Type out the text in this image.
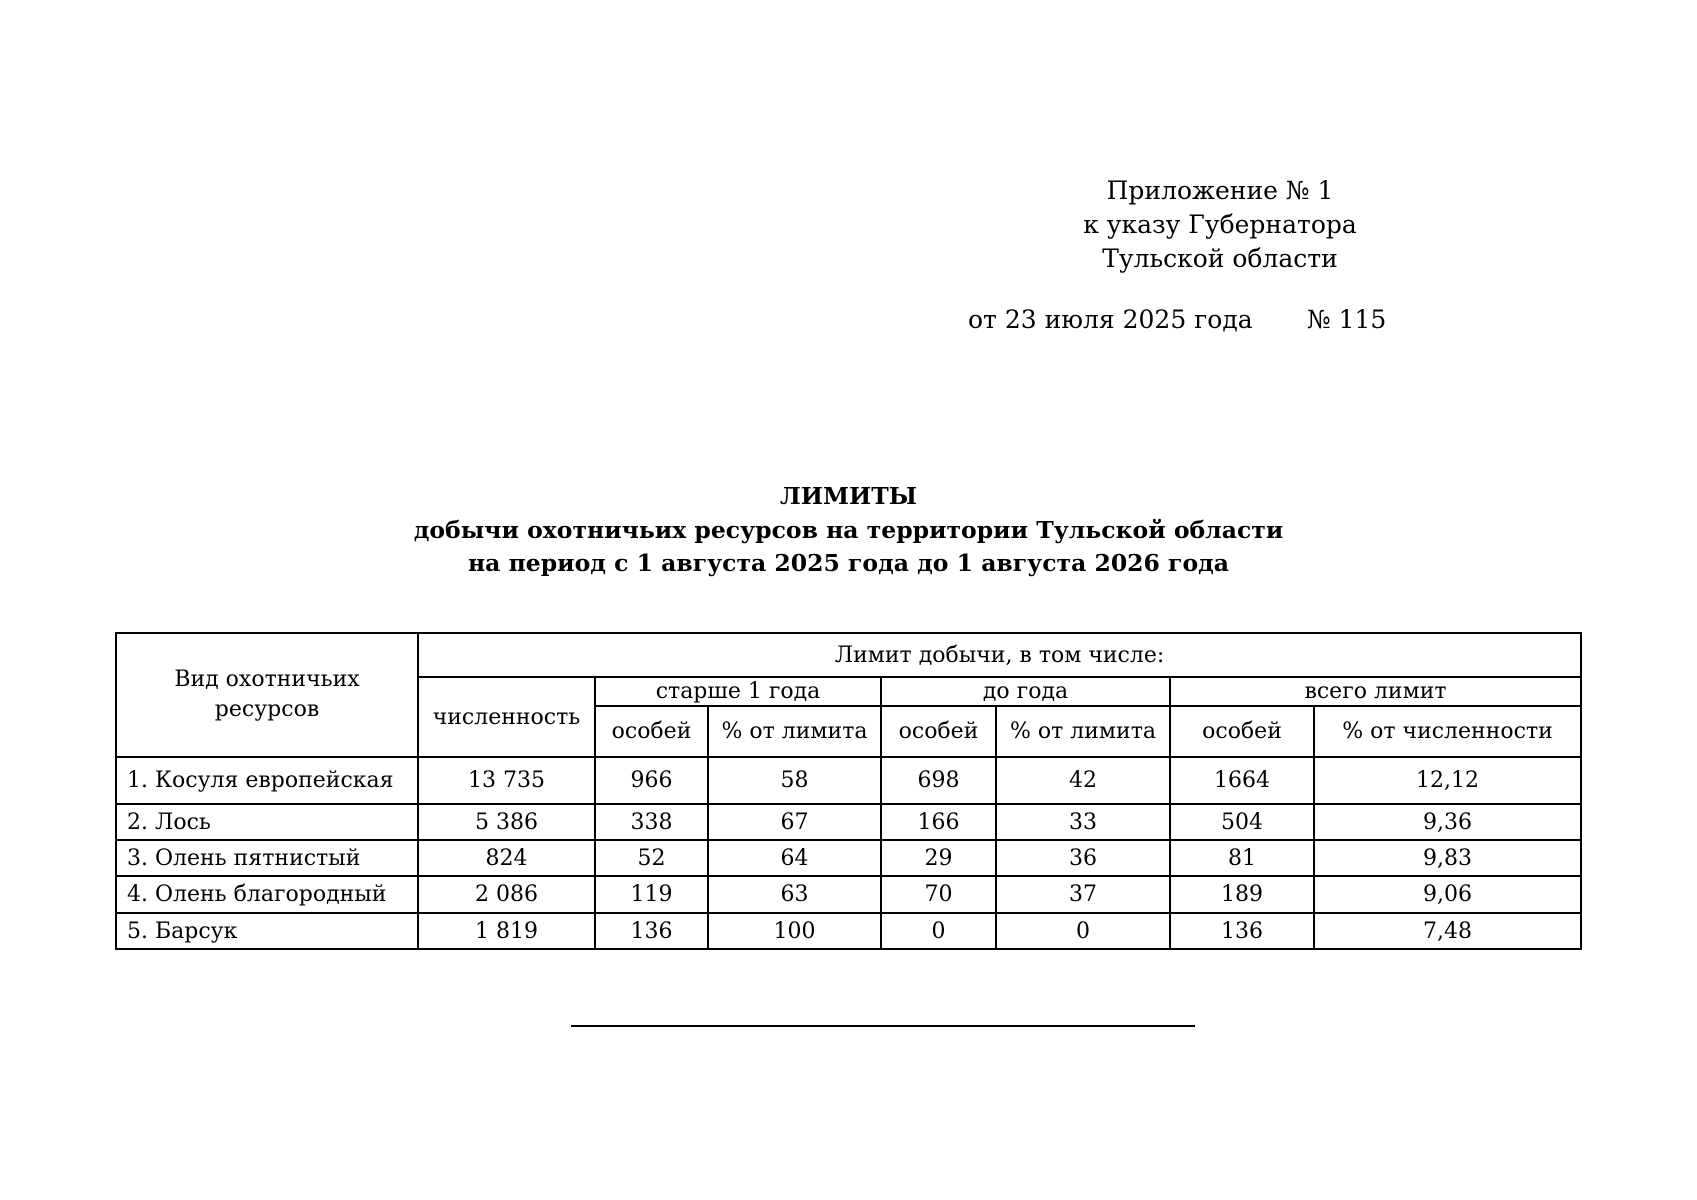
Приложение № 1
к указу Губернатора
Тульской области
от 23 июля 2025 года № 115
ЛИМИТЫ
добычи охотничьих ресурсов на территории Тульской области
на период с 1 августа 2025 года до 1 августа 2026 года
Вид охотничьих ресурсов	Лимит добычи, в том числе:						
	численность	старше 1 года		до года		всего лимит	
		особей	% от лимита	особей	% от лимита	особей	% от численности
1. Косуля европейская	13 735	966	58	698	42	1664	12,12
2. Лось	5 386	338	67	166	33	504	9,36
3. Олень пятнистый	824	52	64	29	36	81	9,83
4. Олень благородный	2 086	119	63	70	37	189	9,06
5. Барсук	1 819	136	100	0	0	136	7,48
